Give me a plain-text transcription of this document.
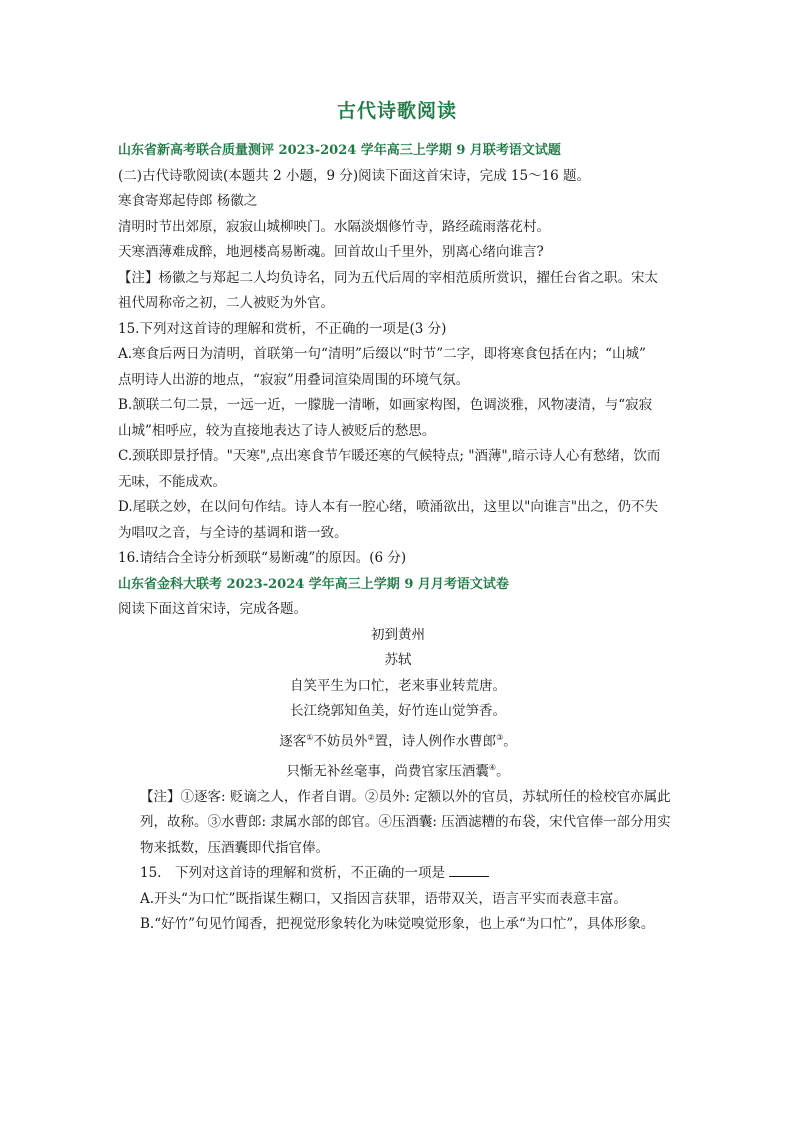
古代诗歌阅读
山东省新高考联合质量测评 2023-2024 学年高三上学期 9 月联考语文试题
(二)古代诗歌阅读(本题共 2 小题，9 分)阅读下面这首宋诗，完成 15～16 题。
寒食寄郑起侍郎 杨徽之
清明时节出郊原，寂寂山城柳映门。水隔淡烟修竹寺，路经疏雨落花村。
天寒酒薄难成醉，地迥楼高易断魂。回首故山千里外，别离心绪向谁言?
【注】杨徽之与郑起二人均负诗名，同为五代后周的宰相范质所赏识，擢任台省之职。宋太
祖代周称帝之初，二人被贬为外官。
15.下列对这首诗的理解和赏析，不正确的一项是(3 分)
A.寒食后两日为清明，首联第一句“清明”后缀以“时节”二字，即将寒食包括在内；“山城”
点明诗人出游的地点，“寂寂”用叠词渲染周围的环境气氛。
B.颔联二句二景，一远一近，一朦胧一清晰，如画家构图，色调淡雅，风物凄清，与“寂寂
山城”相呼应，较为直接地表达了诗人被贬后的愁思。
C.颈联即景抒情。"天寒",点出寒食节乍暖还寒的气候特点; "酒薄",暗示诗人心有愁绪，饮而
无味，不能成欢。
D.尾联之妙，在以问句作结。诗人本有一腔心绪，喷涌欲出，这里以"向谁言"出之，仍不失
为唱叹之音，与全诗的基调和谐一致。
16.请结合全诗分析颈联“易断魂”的原因。(6 分)
山东省金科大联考 2023-2024 学年高三上学期 9 月月考语文试卷
阅读下面这首宋诗，完成各题。
初到黄州
苏轼
自笑平生为口忙，老来事业转荒唐。
长江绕郭知鱼美，好竹连山觉笋香。
逐客①不妨员外②置，诗人例作水曹郎③。
只惭无补丝毫事，尚费官家压酒囊④。
【注】①逐客: 贬谪之人，作者自谓。②员外: 定额以外的官员，苏轼所任的检校官亦属此列，故称。③水曹郎: 隶属水部的郎官。④压酒囊: 压酒滤糟的布袋，宋代官俸一部分用实物来抵数，压酒囊即代指官俸。
15.　下列对这首诗的理解和赏析，不正确的一项是
A.开头“为口忙”既指谋生糊口，又指因言获罪，语带双关，语言平实而表意丰富。
B.“好竹”句见竹闻香，把视觉形象转化为味觉嗅觉形象，也上承“为口忙”，具体形象。
